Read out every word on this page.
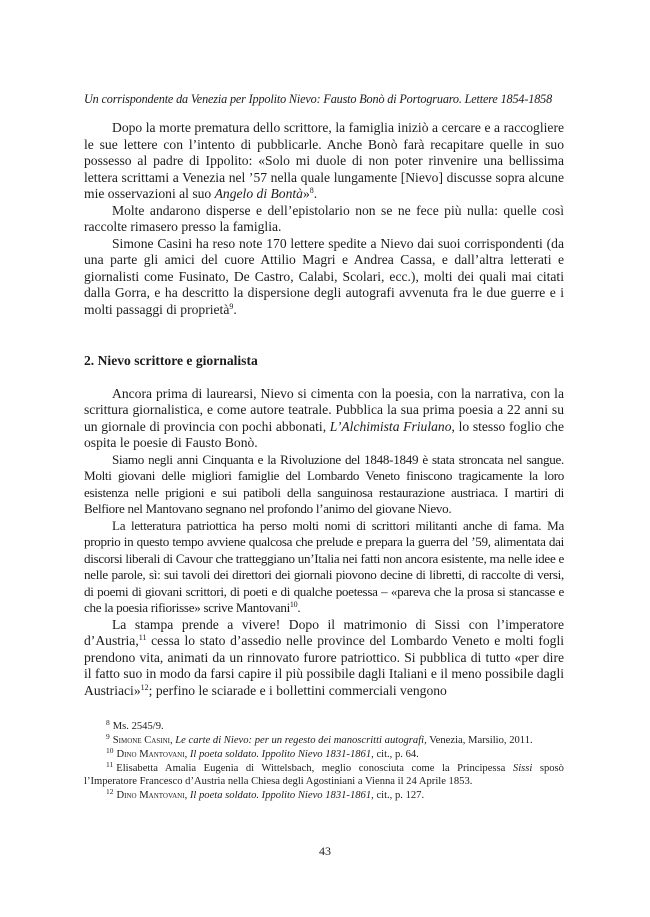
Un corrispondente da Venezia per Ippolito Nievo: Fausto Bonò di Portogruaro. Lettere 1854-1858

Dopo la morte prematura dello scrittore, la famiglia iniziò a cercare e a raccogliere le sue lettere con l’intento di pubblicarle. Anche Bonò farà recapitare quelle in suo possesso al padre di Ippolito: «Solo mi duole di non poter rinvenire una bellissima lettera scrittami a Venezia nel ’57 nella quale lungamente [Nievo] discusse sopra alcune mie osservazioni al suo Angelo di Bontà»$^8$.

Molte andarono disperse e dell’epistolario non se ne fece più nulla: quelle così raccolte rimasero presso la famiglia.

Simone Casini ha reso note 170 lettere spedite a Nievo dai suoi corrispondenti (da una parte gli amici del cuore Attilio Magri e Andrea Cassa, e dall’altra letterati e giornalisti come Fusinato, De Castro, Calabi, Scolari, ecc.), molti dei quali mai citati dalla Gorra, e ha descritto la dispersione degli autografi avvenuta fra le due guerre e i molti passaggi di proprietà$^9$.

2. Nievo scrittore e giornalista

Ancora prima di laurearsi, Nievo si cimenta con la poesia, con la narrativa, con la scrittura giornalistica, e come autore teatrale. Pubblica la sua prima poesia a 22 anni su un giornale di provincia con pochi abbonati, L’Alchimista Friulano, lo stesso foglio che ospita le poesie di Fausto Bonò.

Siamo negli anni Cinquanta e la Rivoluzione del 1848-1849 è stata stroncata nel sangue. Molti giovani delle migliori famiglie del Lombardo Veneto finiscono tragicamente la loro esistenza nelle prigioni e sui patiboli della sanguinosa restaurazione austriaca. I martiri di Belfiore nel Mantovano segnano nel profondo l’animo del giovane Nievo.

La letteratura patriottica ha perso molti nomi di scrittori militanti anche di fama. Ma proprio in questo tempo avviene qualcosa che prelude e prepara la guerra del ’59, alimentata dai discorsi liberali di Cavour che tratteggiano un’Italia nei fatti non ancora esistente, ma nelle idee e nelle parole, sì: sui tavoli dei direttori dei giornali piovono decine di libretti, di raccolte di versi, di poemi di giovani scrittori, di poeti e di qualche poetessa – «pareva che la prosa si stancasse e che la poesia rifiorisse» scrive Mantovani$^{10}$.

La stampa prende a vivere! Dopo il matrimonio di Sissi con l’imperatore d’Austria,$^{11}$ cessa lo stato d’assedio nelle province del Lombardo Veneto e molti fogli prendono vita, animati da un rinnovato furore patriottico. Si pubblica di tutto «per dire il fatto suo in modo da farsi capire il più possibile dagli Italiani e il meno possibile dagli Austriaci»$^{12}$; perfino le sciarade e i bollettini commerciali vengono

$^8$ Ms. 2545/9.
$^9$ Simone Casini, Le carte di Nievo: per un regesto dei manoscritti autografi, Venezia, Marsilio, 2011.
$^{10}$ Dino Mantovani, Il poeta soldato. Ippolito Nievo 1831-1861, cit., p. 64.
$^{11}$ Elisabetta Amalia Eugenia di Wittelsbach, meglio conosciuta come la Principessa Sissi sposò l’Imperatore Francesco d’Austria nella Chiesa degli Agostiniani a Vienna il 24 Aprile 1853.
$^{12}$ Dino Mantovani, Il poeta soldato. Ippolito Nievo 1831-1861, cit., p. 127.
43
